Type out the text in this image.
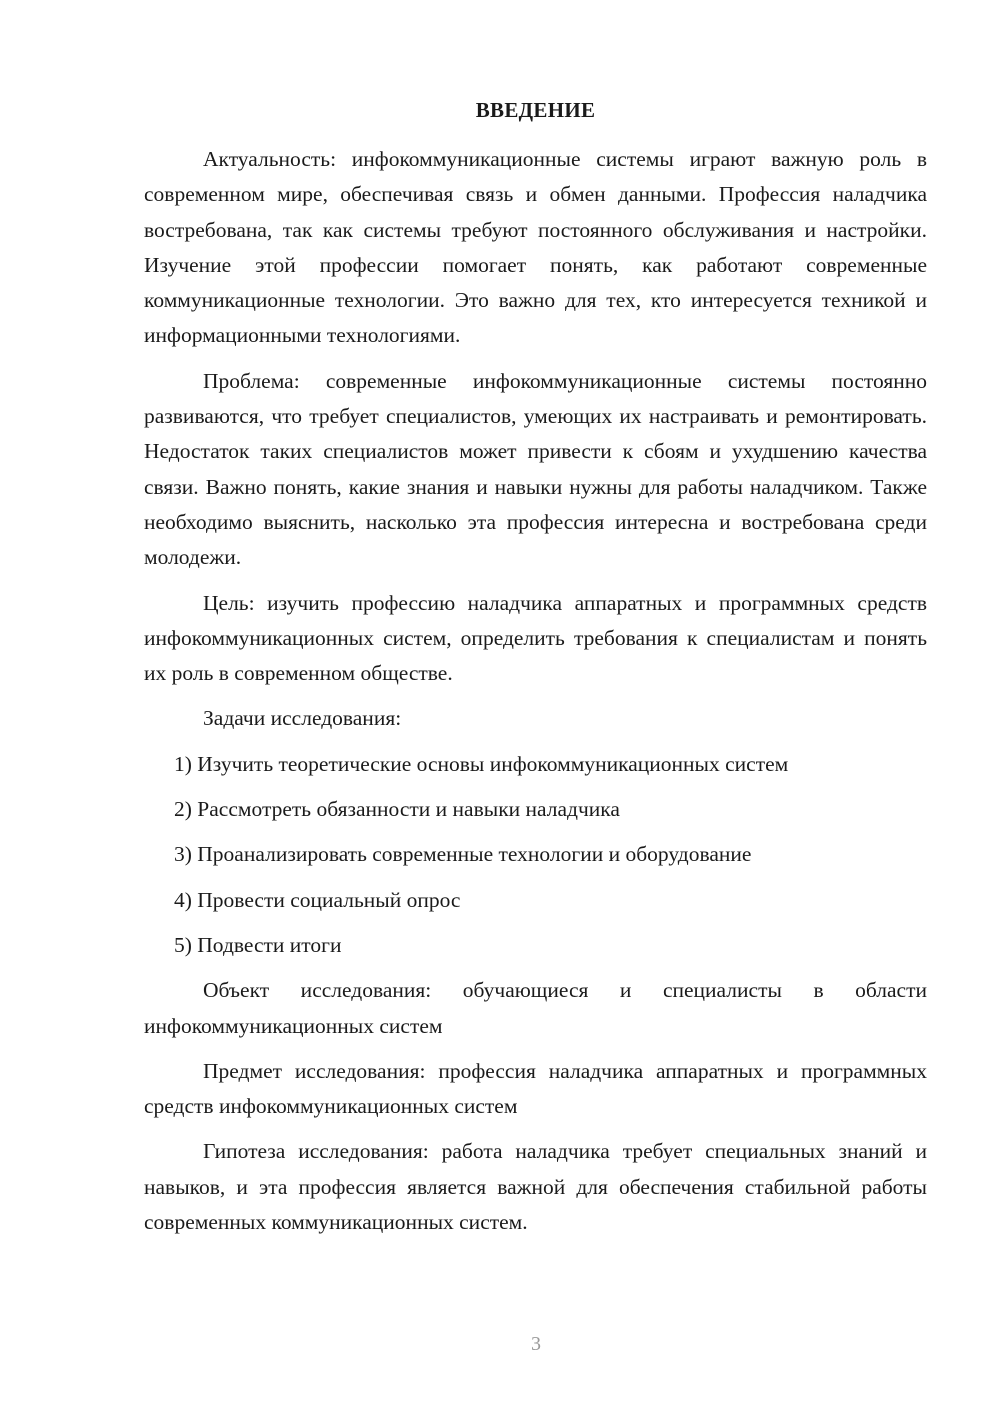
ВВЕДЕНИЕ

Актуальность: инфокоммуникационные системы играют важную роль в современном мире, обеспечивая связь и обмен данными. Профессия наладчика востребована, так как системы требуют постоянного обслуживания и настройки. Изучение этой профессии помогает понять, как работают современные коммуникационные технологии. Это важно для тех, кто интересуется техникой и информационными технологиями.

Проблема: современные инфокоммуникационные системы постоянно развиваются, что требует специалистов, умеющих их настраивать и ремонтировать. Недостаток таких специалистов может привести к сбоям и ухудшению качества связи. Важно понять, какие знания и навыки нужны для работы наладчиком. Также необходимо выяснить, насколько эта профессия интересна и востребована среди молодежи.

Цель: изучить профессию наладчика аппаратных и программных средств инфокоммуникационных систем, определить требования к специалистам и понять их роль в современном обществе.

Задачи исследования:

1) Изучить теоретические основы инфокоммуникационных систем

2) Рассмотреть обязанности и навыки наладчика

3) Проанализировать современные технологии и оборудование

4) Провести социальный опрос

5) Подвести итоги

Объект исследования: обучающиеся и специалисты в области инфокоммуникационных систем

Предмет исследования: профессия наладчика аппаратных и программных средств инфокоммуникационных систем

Гипотеза исследования: работа наладчика требует специальных знаний и навыков, и эта профессия является важной для обеспечения стабильной работы современных коммуникационных систем.

3
